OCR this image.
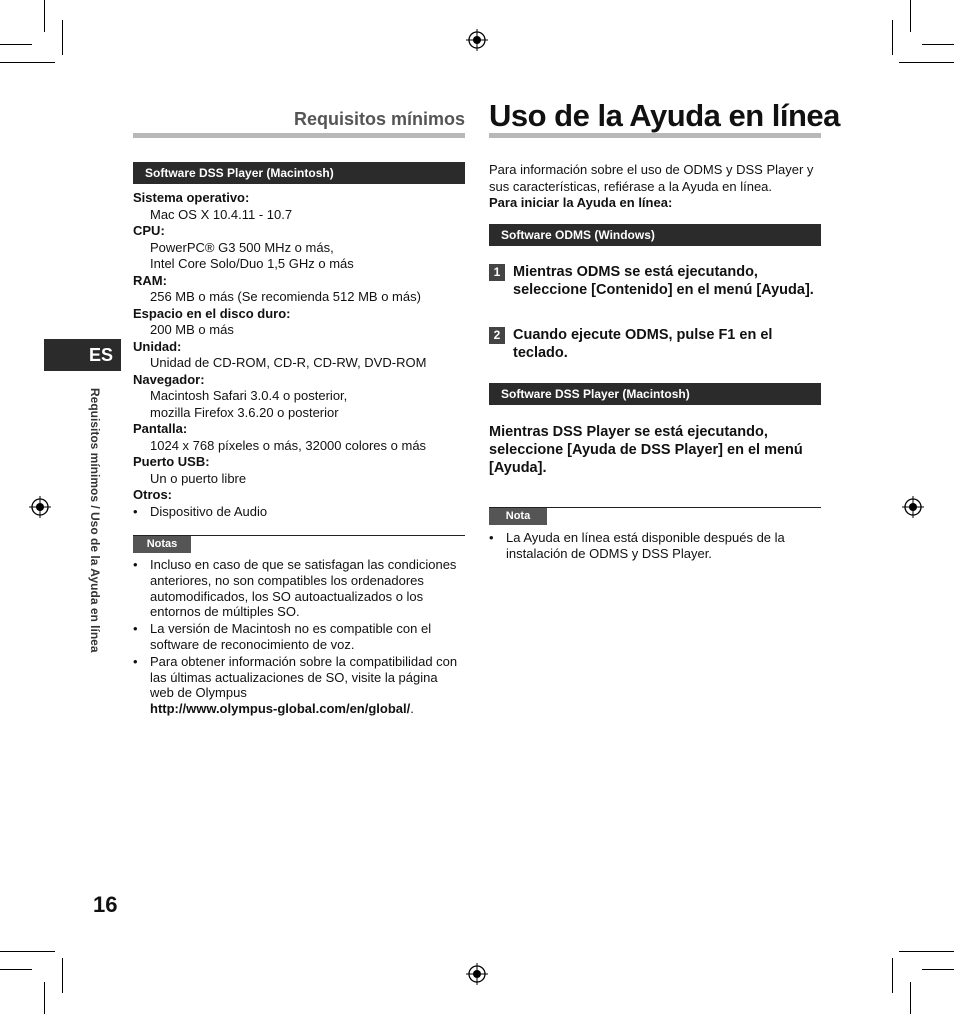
Requisitos mínimos
Software DSS Player (Macintosh)
Sistema operativo:
Mac OS X 10.4.11 - 10.7
CPU:
PowerPC® G3 500 MHz o más,
Intel Core Solo/Duo 1,5 GHz o más
RAM:
256 MB o más (Se recomienda 512 MB o más)
Espacio en el disco duro:
200 MB o más
Unidad:
Unidad de CD-ROM, CD-R, CD-RW, DVD-ROM
Navegador:
Macintosh Safari 3.0.4 o posterior,
mozilla Firefox 3.6.20 o posterior
Pantalla:
1024 x 768 píxeles o más, 32000 colores o más
Puerto USB:
Un o puerto libre
Otros:
• Dispositivo de Audio
Notas
• Incluso en caso de que se satisfagan las condiciones anteriores, no son compatibles los ordenadores automodificados, los SO autoactualizados o los entornos de múltiples SO.
• La versión de Macintosh no es compatible con el software de reconocimiento de voz.
• Para obtener información sobre la compatibilidad con las últimas actualizaciones de SO, visite la página web de Olympus
http://www.olympus-global.com/en/global/.
ES
Requisitos mínimos / Uso de la Ayuda en línea
16
Uso de la Ayuda en línea
Para información sobre el uso de ODMS y DSS Player y sus características, refiérase a la Ayuda en línea.
Para iniciar la Ayuda en línea:
Software ODMS (Windows)
1 Mientras ODMS se está ejecutando, seleccione [Contenido] en el menú [Ayuda].
2 Cuando ejecute ODMS, pulse F1 en el teclado.
Software DSS Player (Macintosh)
Mientras DSS Player se está ejecutando, seleccione [Ayuda de DSS Player] en el menú [Ayuda].
Nota
• La Ayuda en línea está disponible después de la instalación de ODMS y DSS Player.
